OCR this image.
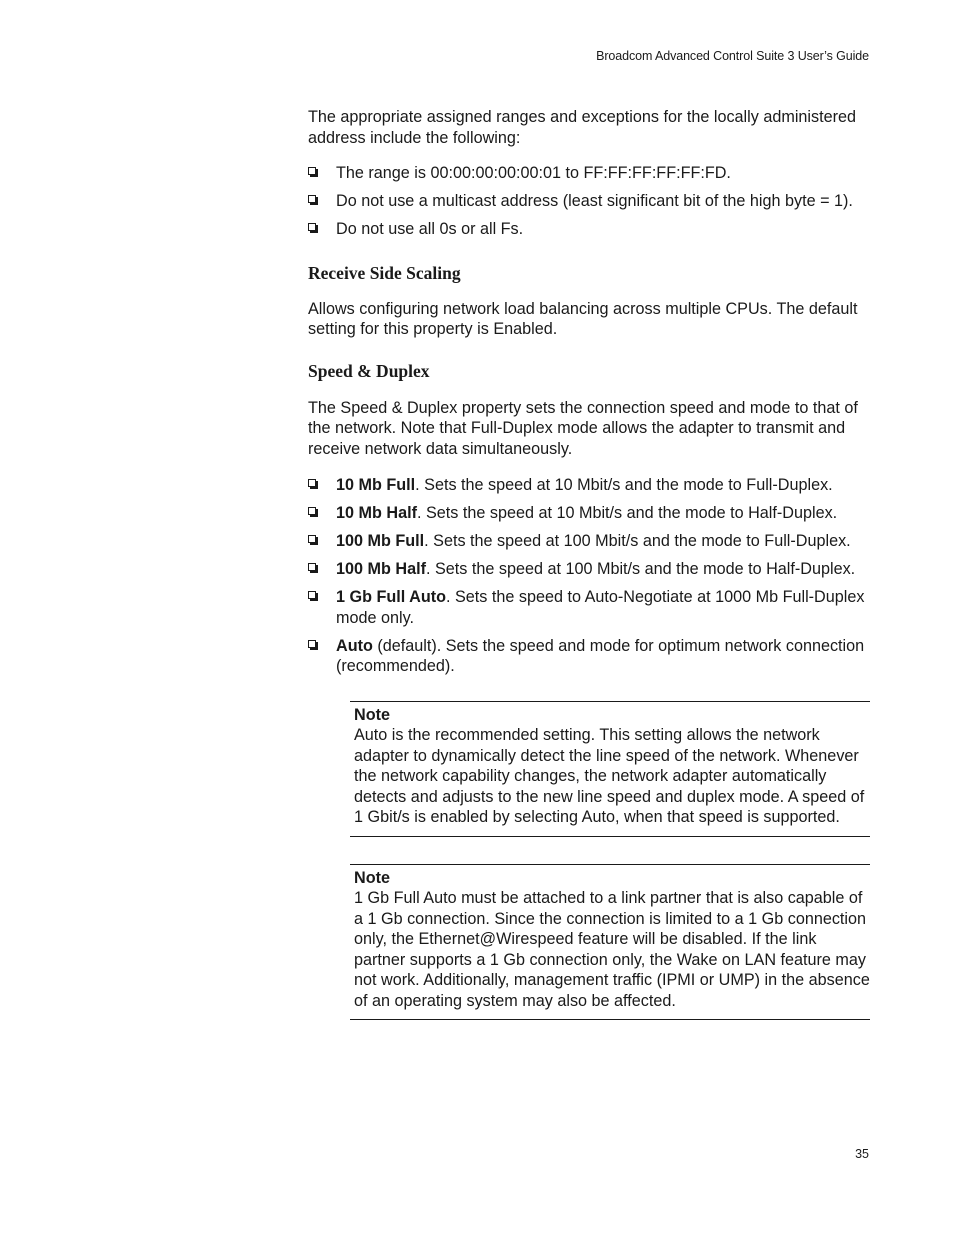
Broadcom Advanced Control Suite 3 User’s Guide

The appropriate assigned ranges and exceptions for the locally administered address include the following:

The range is 00:00:00:00:00:01 to FF:FF:FF:FF:FF:FD.
Do not use a multicast address (least significant bit of the high byte = 1).
Do not use all 0s or all Fs.
Receive Side Scaling

Allows configuring network load balancing across multiple CPUs. The default setting for this property is Enabled.

Speed & Duplex

The Speed & Duplex property sets the connection speed and mode to that of the network. Note that Full-Duplex mode allows the adapter to transmit and receive network data simultaneously.

10 Mb Full. Sets the speed at 10 Mbit/s and the mode to Full-Duplex.
10 Mb Half. Sets the speed at 10 Mbit/s and the mode to Half-Duplex.
100 Mb Full. Sets the speed at 100 Mbit/s and the mode to Full-Duplex.
100 Mb Half. Sets the speed at 100 Mbit/s and the mode to Half-Duplex.
1 Gb Full Auto. Sets the speed to Auto-Negotiate at 1000 Mb Full-Duplex mode only.
Auto (default). Sets the speed and mode for optimum network connection (recommended).
Note
Auto is the recommended setting. This setting allows the network adapter to dynamically detect the line speed of the network. Whenever the network capability changes, the network adapter automatically detects and adjusts to the new line speed and duplex mode. A speed of 1 Gbit/s is enabled by selecting Auto, when that speed is supported.
Note
1 Gb Full Auto must be attached to a link partner that is also capable of a 1 Gb connection. Since the connection is limited to a 1 Gb connection only, the Ethernet@Wirespeed feature will be disabled. If the link partner supports a 1 Gb connection only, the Wake on LAN feature may not work. Additionally, management traffic (IPMI or UMP) in the absence of an operating system may also be affected.
35
